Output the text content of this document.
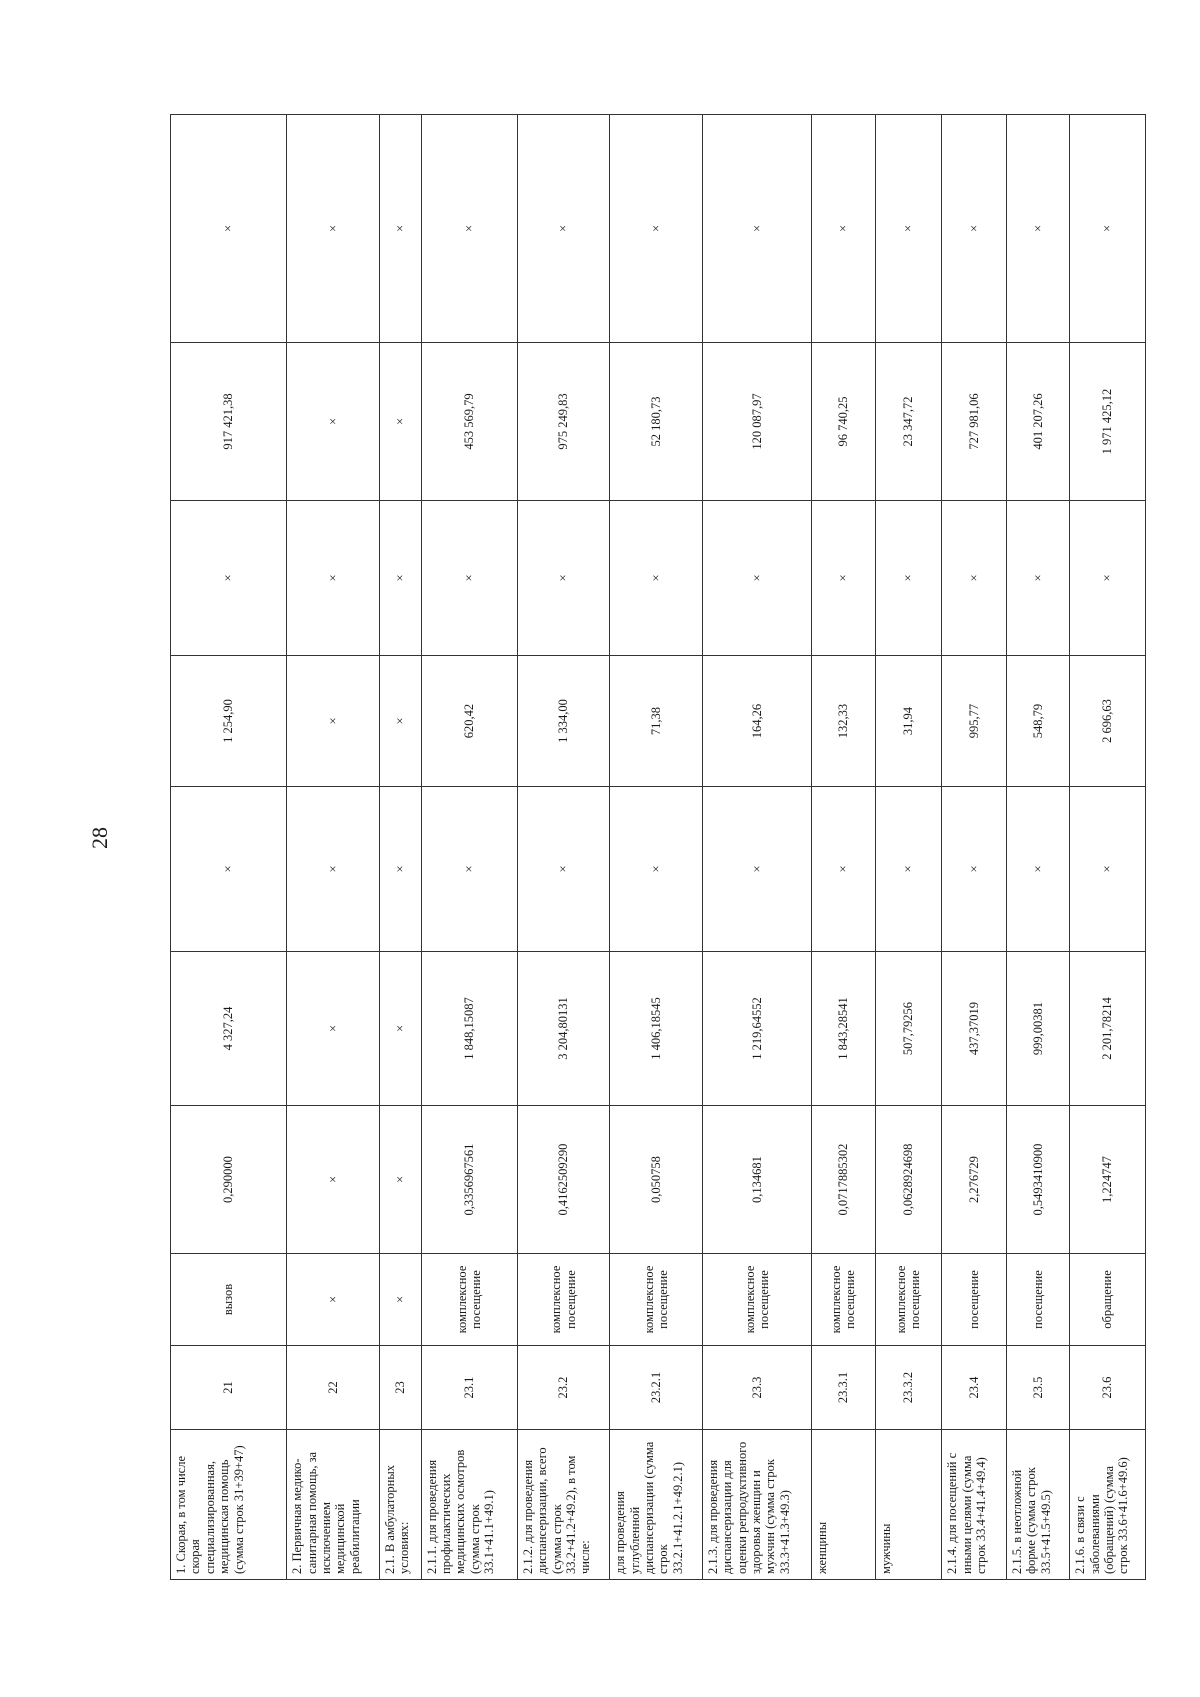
28
1. Скорая, в том числе скорая специализированная, медицинская помощь (сумма строк 31+39+47)	21	вызов	0,290000	4 327,24	×	1 254,90	×	917 421,38	×
2. Первичная медико-санитарная помощь, за исключением медицинской реабилитации	22	×	×	×	×	×	×	×	×
2.1. В амбулаторных условиях:	23	×	×	×	×	×	×	×	×
2.1.1. для проведения профилактических медицинских осмотров (сумма строк 33.1+41.1+49.1)	23.1	комплексное посещение	0,3356967561	1 848,15087	×	620,42	×	453 569,79	×
2.1.2. для проведения диспансеризации, всего (сумма строк 33.2+41.2+49.2), в том числе:	23.2	комплексное посещение	0,4162509290	3 204,80131	×	1 334,00	×	975 249,83	×
для проведения углубленной диспансеризации (сумма строк 33.2.1+41.2.1+49.2.1)	23.2.1	комплексное посещение	0,050758	1 406,18545	×	71,38	×	52 180,73	×
2.1.3. для проведения диспансеризации для оценки репродуктивного здоровья женщин и мужчин (сумма строк 33.3+41.3+49.3)	23.3	комплексное посещение	0,134681	1 219,64552	×	164,26	×	120 087,97	×
женщины	23.3.1	комплексное посещение	0,0717885302	1 843,28541	×	132,33	×	96 740,25	×
мужчины	23.3.2	комплексное посещение	0,0628924698	507,79256	×	31,94	×	23 347,72	×
2.1.4. для посещений с иными целями (сумма строк 33.4+41.4+49.4)	23.4	посещение	2,276729	437,37019	×	995,77	×	727 981,06	×
2.1.5. в неотложной форме (сумма строк 33.5+41.5+49.5)	23.5	посещение	0,5493410900	999,00381	×	548,79	×	401 207,26	×
2.1.6. в связи с заболеваниями (обращений) (сумма строк 33.6+41.6+49.6)	23.6	обращение	1,224747	2 201,78214	×	2 696,63	×	1 971 425,12	×
